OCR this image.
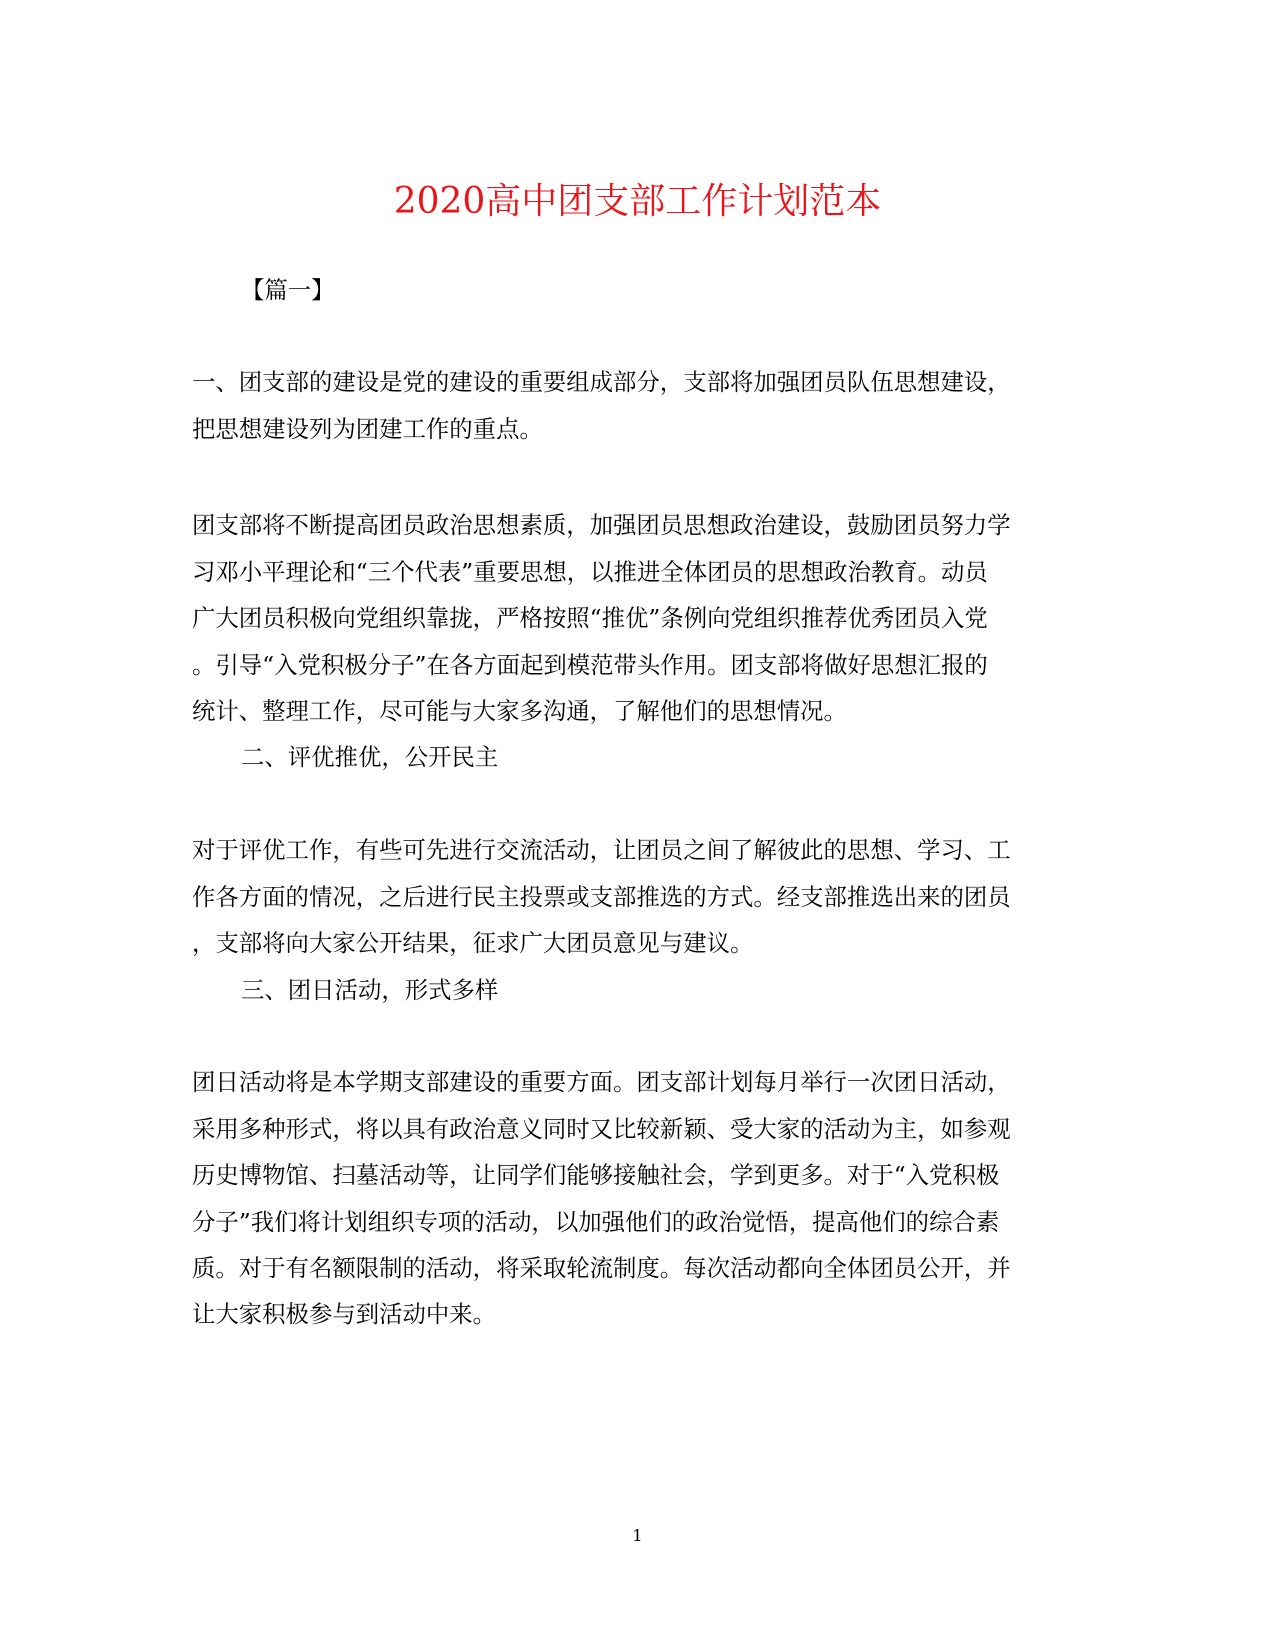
2020高中团支部工作计划范本
【篇一】
一、团支部的建设是党的建设的重要组成部分，支部将加强团员队伍思想建设，
把思想建设列为团建工作的重点。
团支部将不断提高团员政治思想素质，加强团员思想政治建设，鼓励团员努力学
习邓小平理论和“三个代表”重要思想，以推进全体团员的思想政治教育。动员
广大团员积极向党组织靠拢，严格按照“推优”条例向党组织推荐优秀团员入党
。引导“入党积极分子”在各方面起到模范带头作用。团支部将做好思想汇报的
统计、整理工作，尽可能与大家多沟通，了解他们的思想情况。
二、评优推优，公开民主
对于评优工作，有些可先进行交流活动，让团员之间了解彼此的思想、学习、工
作各方面的情况，之后进行民主投票或支部推选的方式。经支部推选出来的团员
，支部将向大家公开结果，征求广大团员意见与建议。
三、团日活动，形式多样
团日活动将是本学期支部建设的重要方面。团支部计划每月举行一次团日活动，
采用多种形式，将以具有政治意义同时又比较新颖、受大家的活动为主，如参观
历史博物馆、扫墓活动等，让同学们能够接触社会，学到更多。对于“入党积极
分子”我们将计划组织专项的活动，以加强他们的政治觉悟，提高他们的综合素
质。对于有名额限制的活动，将采取轮流制度。每次活动都向全体团员公开，并
让大家积极参与到活动中来。
1
